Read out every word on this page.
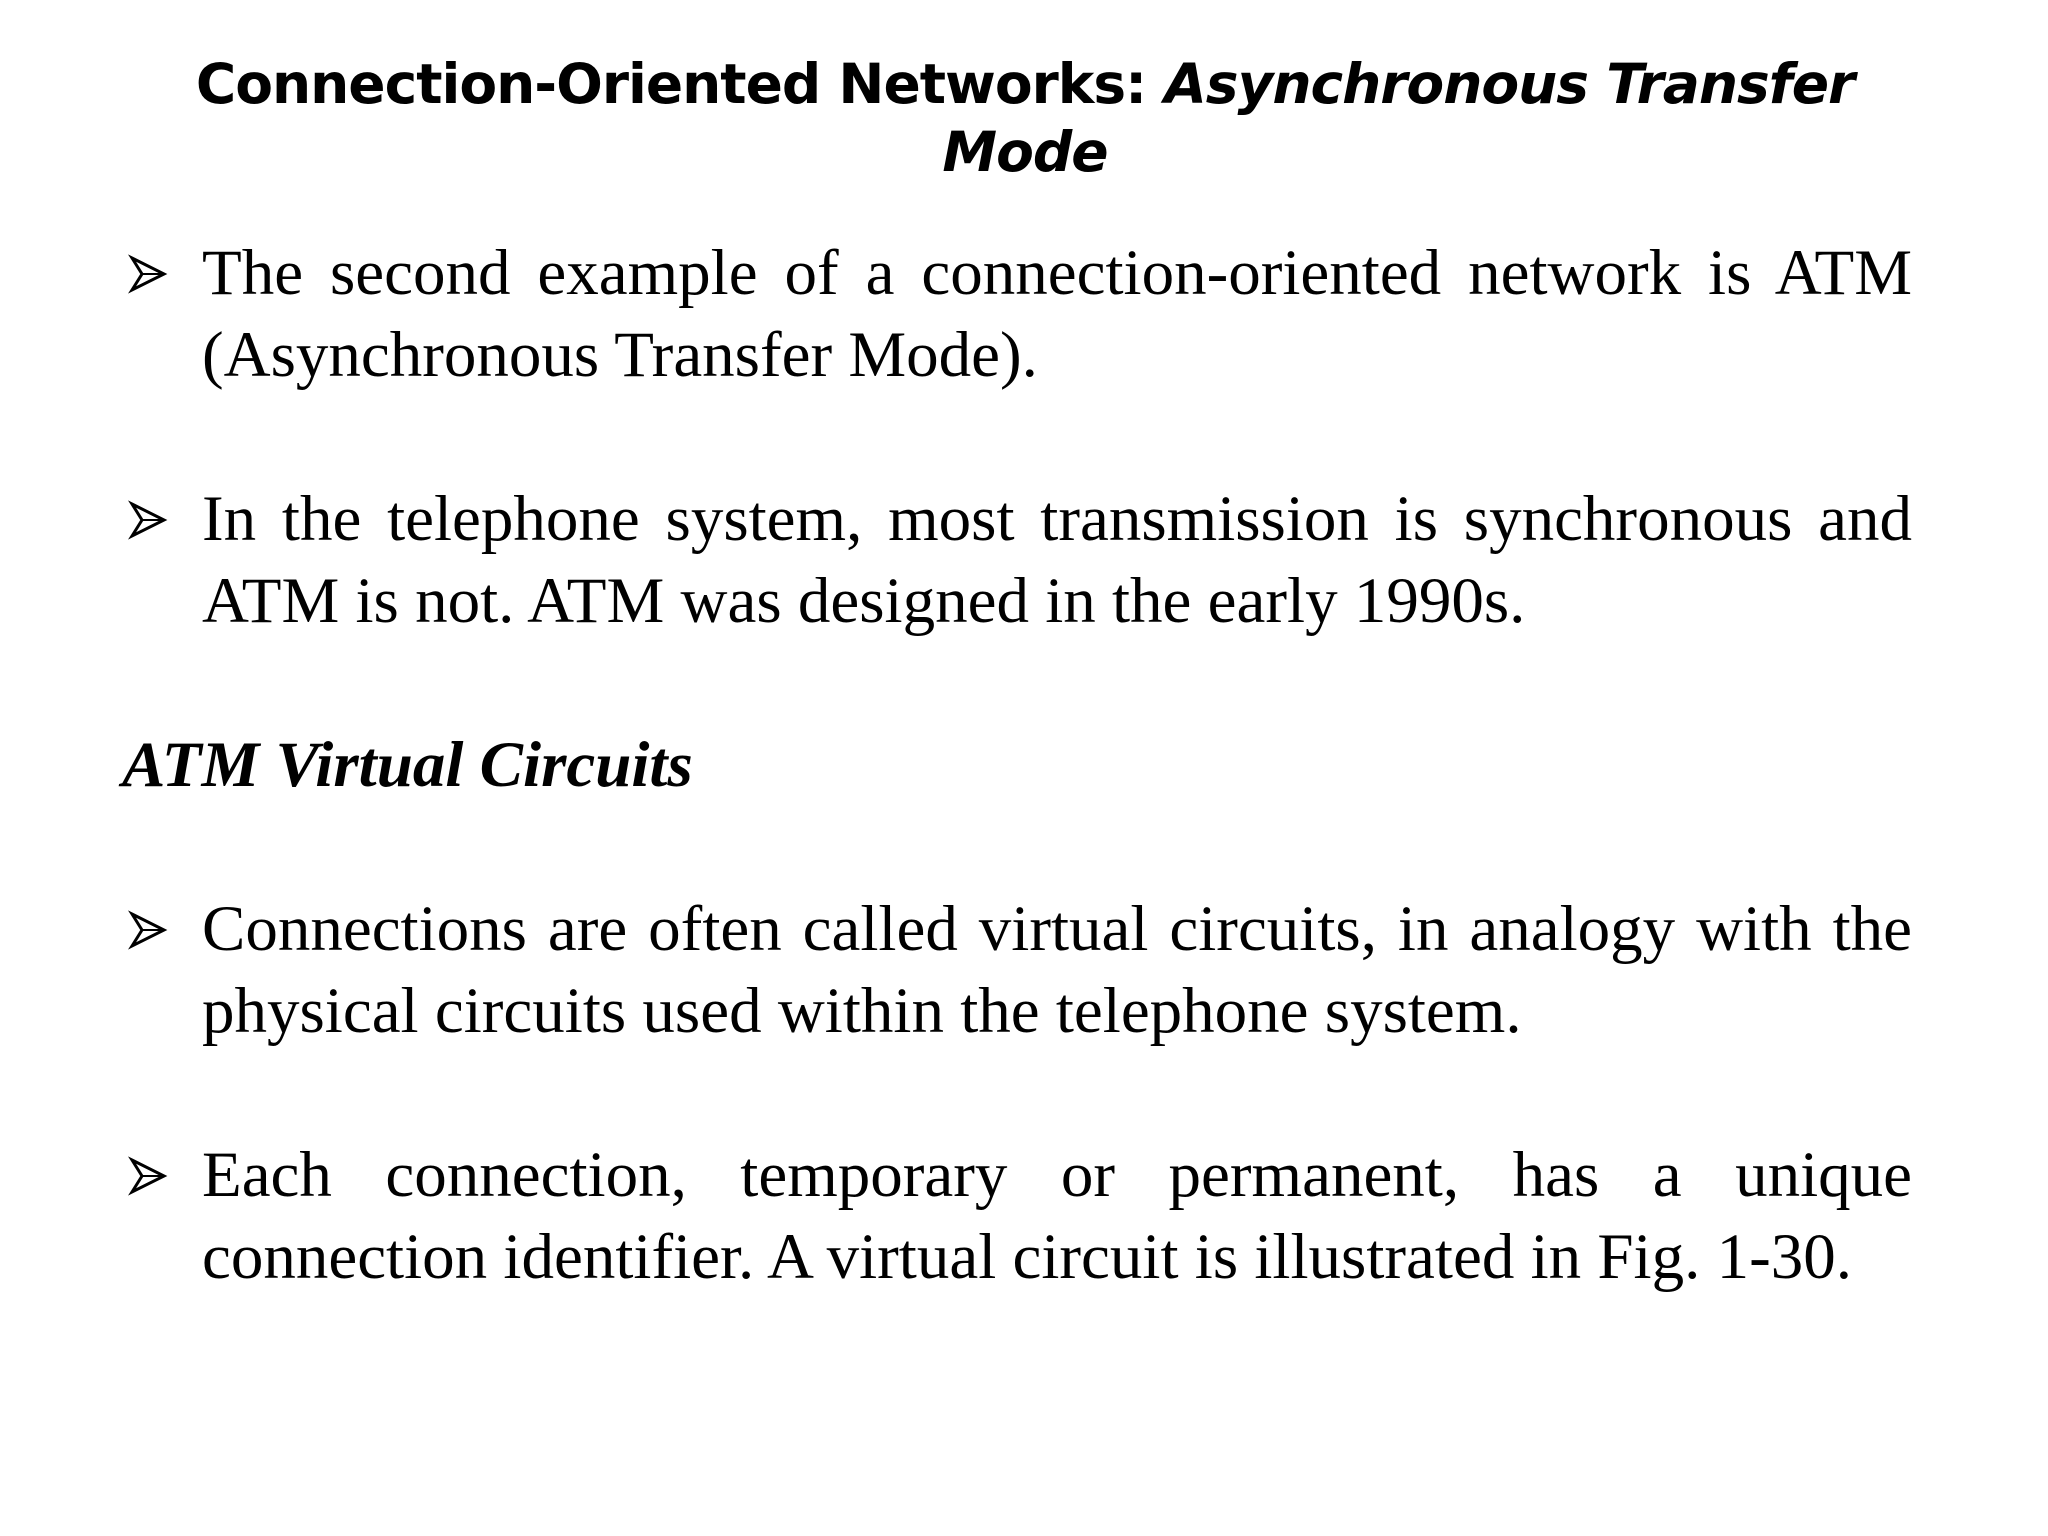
Connection-Oriented Networks: Asynchronous Transfer Mode

The second example of a connection-oriented network is ATM (Asynchronous Transfer Mode).

In the telephone system, most transmission is synchronous and ATM is not. ATM was designed in the early 1990s.

ATM Virtual Circuits

Connections are often called virtual circuits, in analogy with the physical circuits used within the telephone system.

Each connection, temporary or permanent, has a unique connection identifier. A virtual circuit is illustrated in Fig. 1-30.
